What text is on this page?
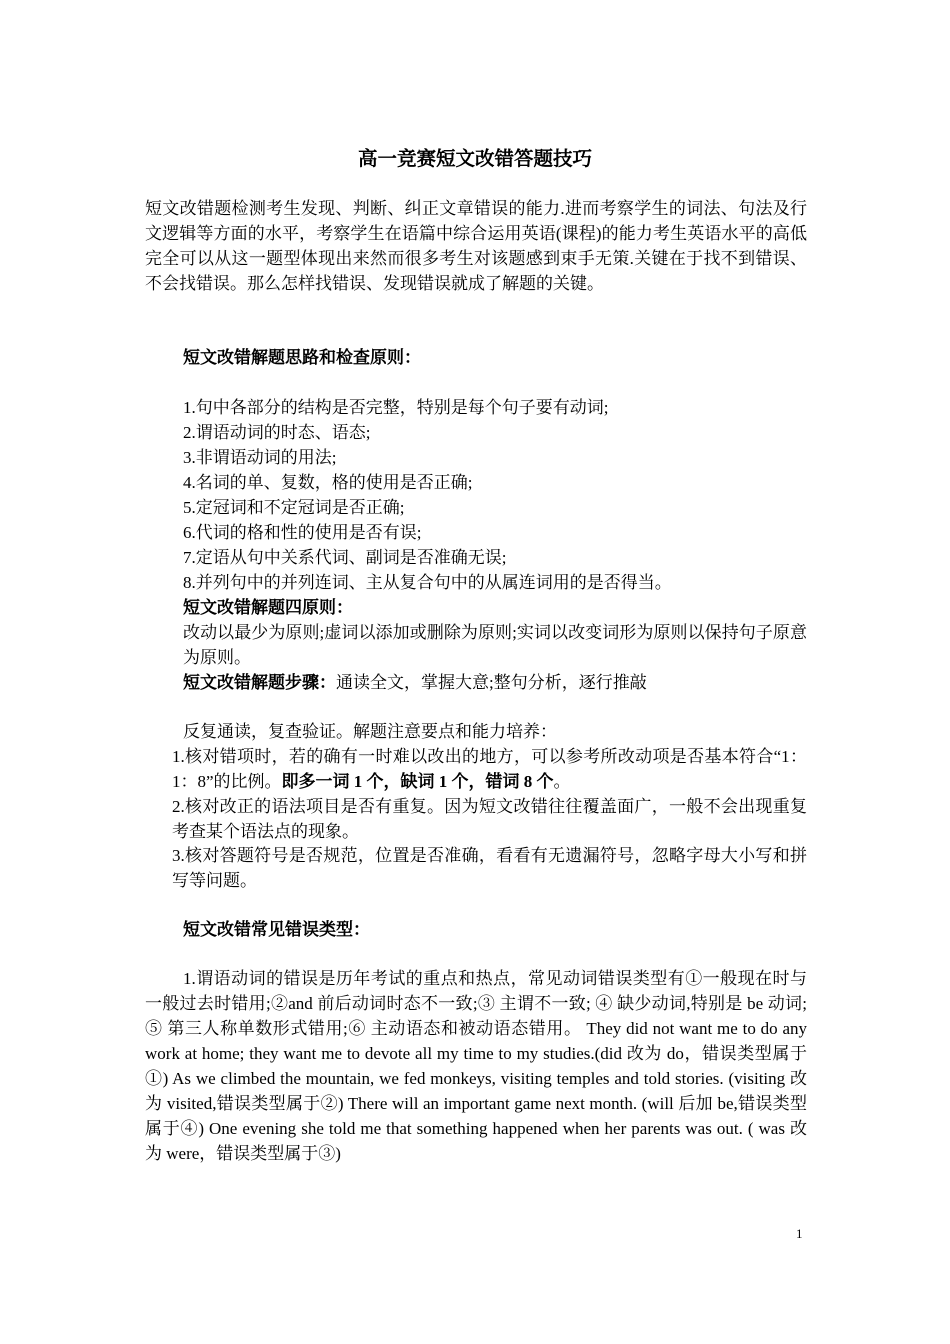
高一竞赛短文改错答题技巧

短文改错题检测考生发现、判断、纠正文章错误的能力.进而考察学生的词法、句法及行文逻辑等方面的水平，考察学生在语篇中综合运用英语(课程)的能力考生英语水平的高低完全可以从这一题型体现出来然而很多考生对该题感到束手无策.关键在于找不到错误、不会找错误。那么怎样找错误、发现错误就成了解题的关键。

短文改错解题思路和检查原则：
1.句中各部分的结构是否完整，特别是每个句子要有动词;
2.谓语动词的时态、语态;
3.非谓语动词的用法;
4.名词的单、复数，格的使用是否正确;
5.定冠词和不定冠词是否正确;
6.代词的格和性的使用是否有误;
7.定语从句中关系代词、副词是否准确无误;
8.并列句中的并列连词、主从复合句中的从属连词用的是否得当。
短文改错解题四原则：

改动以最少为原则;虚词以添加或删除为原则;实词以改变词形为原则以保持句子原意为原则。

短文改错解题步骤：通读全文，掌握大意;整句分析，逐行推敲
反复通读，复查验证。解题注意要点和能力培养：

1.核对错项时，若的确有一时难以改出的地方，可以参考所改动项是否基本符合“1：1：8”的比例。即多一词 1 个，缺词 1 个，错词 8 个。

2.核对改正的语法项目是否有重复。因为短文改错往往覆盖面广，一般不会出现重复考查某个语法点的现象。

3.核对答题符号是否规范，位置是否准确，看看有无遗漏符号，忽略字母大小写和拼写等问题。

短文改错常见错误类型：

1.谓语动词的错误是历年考试的重点和热点，常见动词错误类型有①一般现在时与一般过去时错用;②and 前后动词时态不一致;③ 主谓不一致; ④ 缺少动词,特别是 be 动词; ⑤ 第三人称单数形式错用;⑥ 主动语态和被动语态错用。 They did not want me to do any work at home; they want me to devote all my time to my studies.(did 改为 do，错误类型属于①) As we climbed the mountain, we fed monkeys, visiting temples and told stories. (visiting 改为 visited,错误类型属于②) There will an important game next month. (will 后加 be,错误类型属于④) One evening she told me that something happened when her parents was out. ( was 改为 were，错误类型属于③)

1
